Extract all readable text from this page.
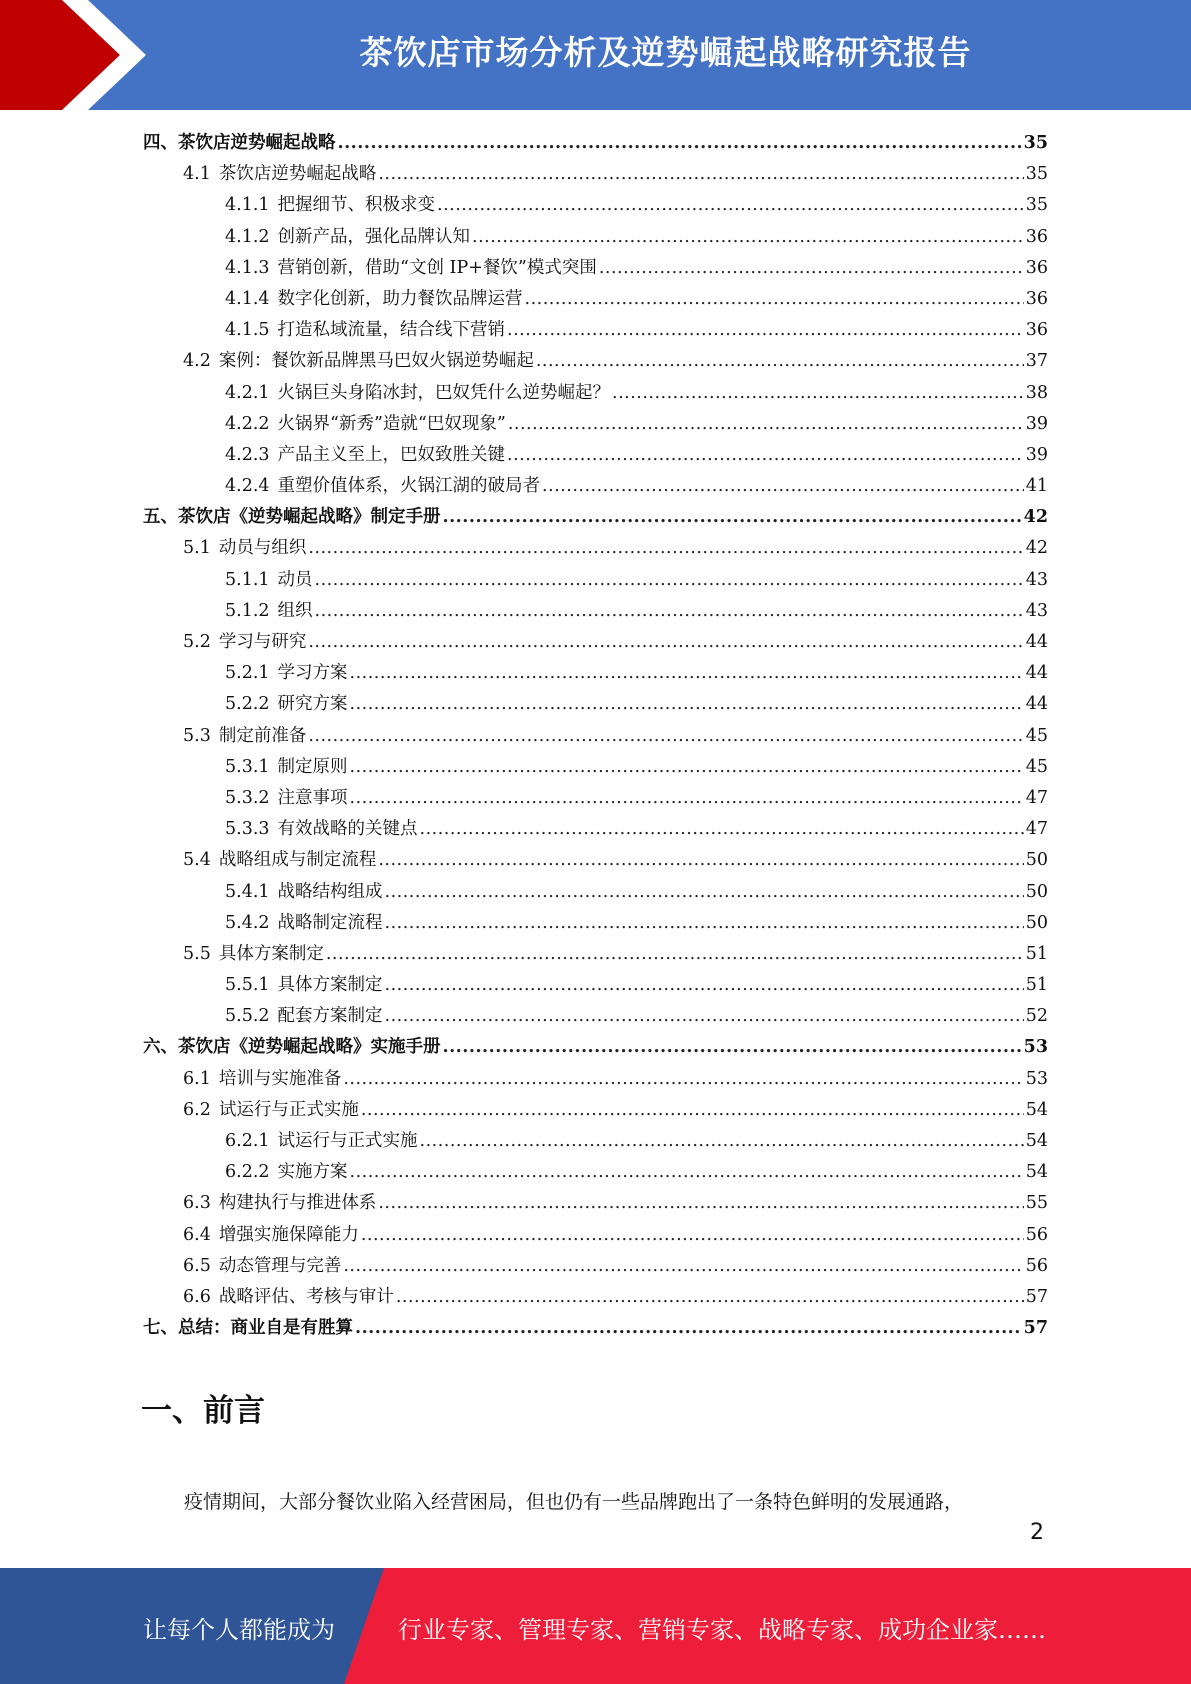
茶饮店市场分析及逆势崛起战略研究报告
四、茶饮店逆势崛起战略 .....	35
4.1 茶饮店逆势崛起战略 .....	35
4.1.1 把握细节、积极求变 .....	35
4.1.2 创新产品，强化品牌认知 .....	36
4.1.3 营销创新，借助“文创 IP+餐饮”模式突围 .....	36
4.1.4 数字化创新，助力餐饮品牌运营 .....	36
4.1.5 打造私域流量，结合线下营销 .....	36
4.2 案例：餐饮新品牌黑马巴奴火锅逆势崛起 .....	37
4.2.1 火锅巨头身陷冰封，巴奴凭什么逆势崛起？ .....	38
4.2.2 火锅界“新秀”造就“巴奴现象” .....	39
4.2.3 产品主义至上，巴奴致胜关键 .....	39
4.2.4 重塑价值体系，火锅江湖的破局者 .....	41
五、茶饮店《逆势崛起战略》制定手册 .....	42
5.1 动员与组织 .....	42
5.1.1 动员 .....	43
5.1.2 组织 .....	43
5.2 学习与研究 .....	44
5.2.1 学习方案 .....	44
5.2.2 研究方案 .....	44
5.3 制定前准备 .....	45
5.3.1 制定原则 .....	45
5.3.2 注意事项 .....	47
5.3.3 有效战略的关键点 .....	47
5.4 战略组成与制定流程 .....	50
5.4.1 战略结构组成 .....	50
5.4.2 战略制定流程 .....	50
5.5 具体方案制定 .....	51
5.5.1 具体方案制定 .....	51
5.5.2 配套方案制定 .....	52
六、茶饮店《逆势崛起战略》实施手册 .....	53
6.1 培训与实施准备 .....	53
6.2 试运行与正式实施 .....	54
6.2.1 试运行与正式实施 .....	54
6.2.2 实施方案 .....	54
6.3 构建执行与推进体系 .....	55
6.4 增强实施保障能力 .....	56
6.5 动态管理与完善 .....	56
6.6 战略评估、考核与审计 .....	57
七、总结：商业自是有胜算 .....	57
一、前言
疫情期间，大部分餐饮业陷入经营困局，但也仍有一些品牌跑出了一条特色鲜明的发展通路，
2
让每个人都能成为	行业专家、管理专家、营销专家、战略专家、成功企业家……
